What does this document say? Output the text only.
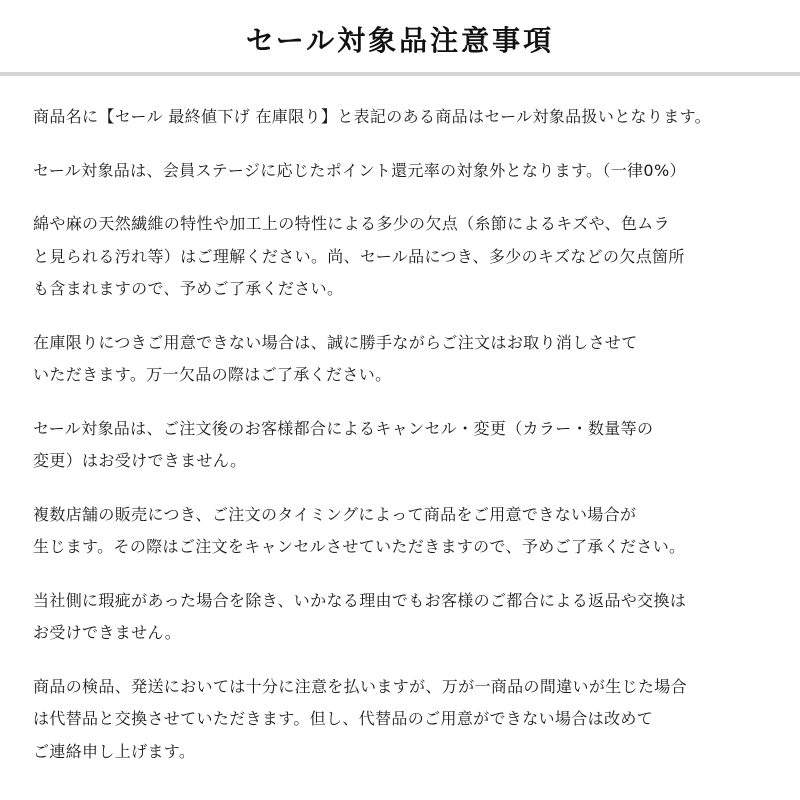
セール対象品注意事項

商品名に【セール 最終値下げ 在庫限り】と表記のある商品はセール対象品扱いとなります。

セール対象品は、会員ステージに応じたポイント還元率の対象外となります。（一律0%）

綿や麻の天然繊維の特性や加工上の特性による多少の欠点（糸節によるキズや、色ムラ
と見られる汚れ等）はご理解ください。尚、セール品につき、多少のキズなどの欠点箇所
も含まれますので、予めご了承ください。

在庫限りにつきご用意できない場合は、誠に勝手ながらご注文はお取り消しさせて
いただきます。万一欠品の際はご了承ください。

セール対象品は、ご注文後のお客様都合によるキャンセル・変更（カラー・数量等の
変更）はお受けできません。

複数店舗の販売につき、ご注文のタイミングによって商品をご用意できない場合が
生じます。その際はご注文をキャンセルさせていただきますので、予めご了承ください。

当社側に瑕疵があった場合を除き、いかなる理由でもお客様のご都合による返品や交換は
お受けできません。

商品の検品、発送においては十分に注意を払いますが、万が一商品の間違いが生じた場合
は代替品と交換させていただきます。但し、代替品のご用意ができない場合は改めて
ご連絡申し上げます。
